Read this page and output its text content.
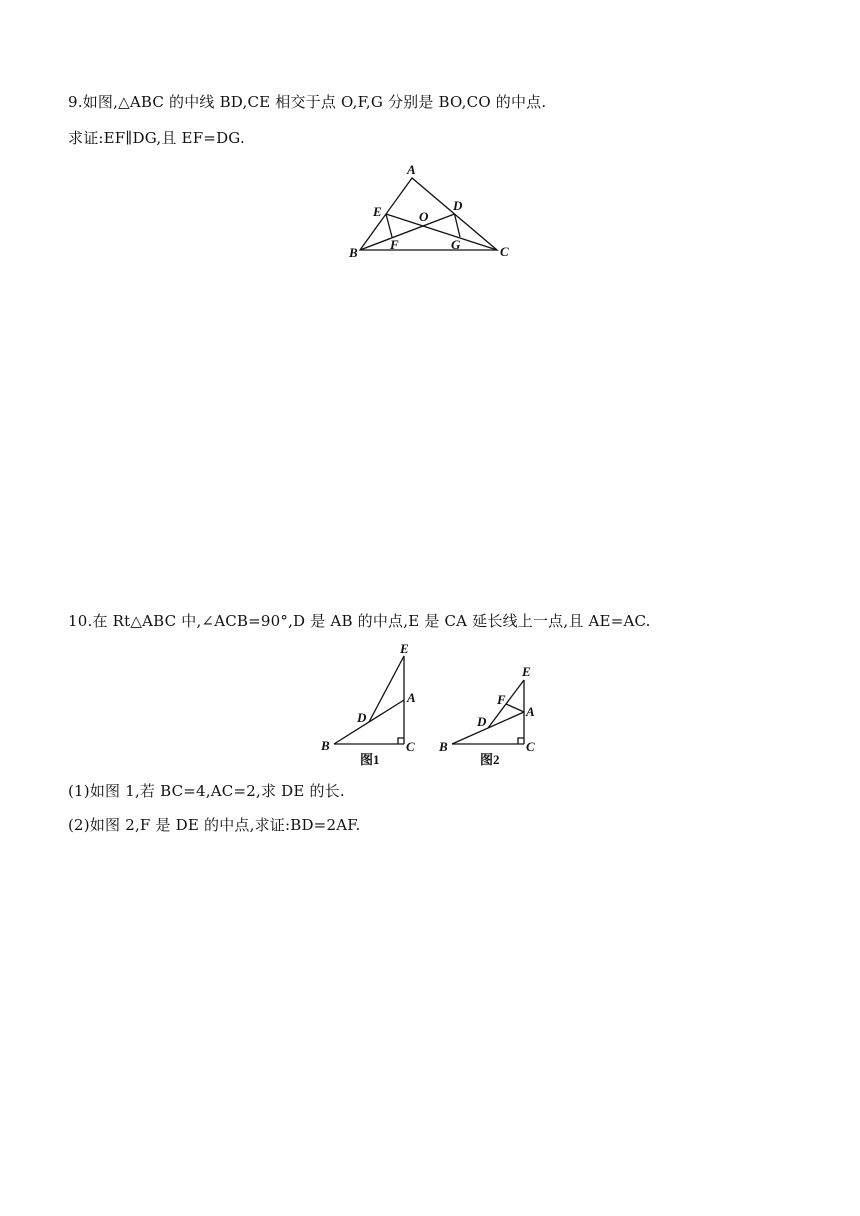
9.如图,△ABC 的中线 BD,CE 相交于点 O,F,G 分别是 BO,CO 的中点.
求证:EF∥DG,且 EF=DG.
A
B	C
D
E	O
F	G
10.在 Rt△ABC 中,∠ACB=90°,D 是 AB 的中点,E 是 CA 延长线上一点,且 AE=AC.
E
A
D
B	C
图1
E
F
A
D
B	C
图2
(1)如图 1,若 BC=4,AC=2,求 DE 的长.
(2)如图 2,F 是 DE 的中点,求证:BD=2AF.
